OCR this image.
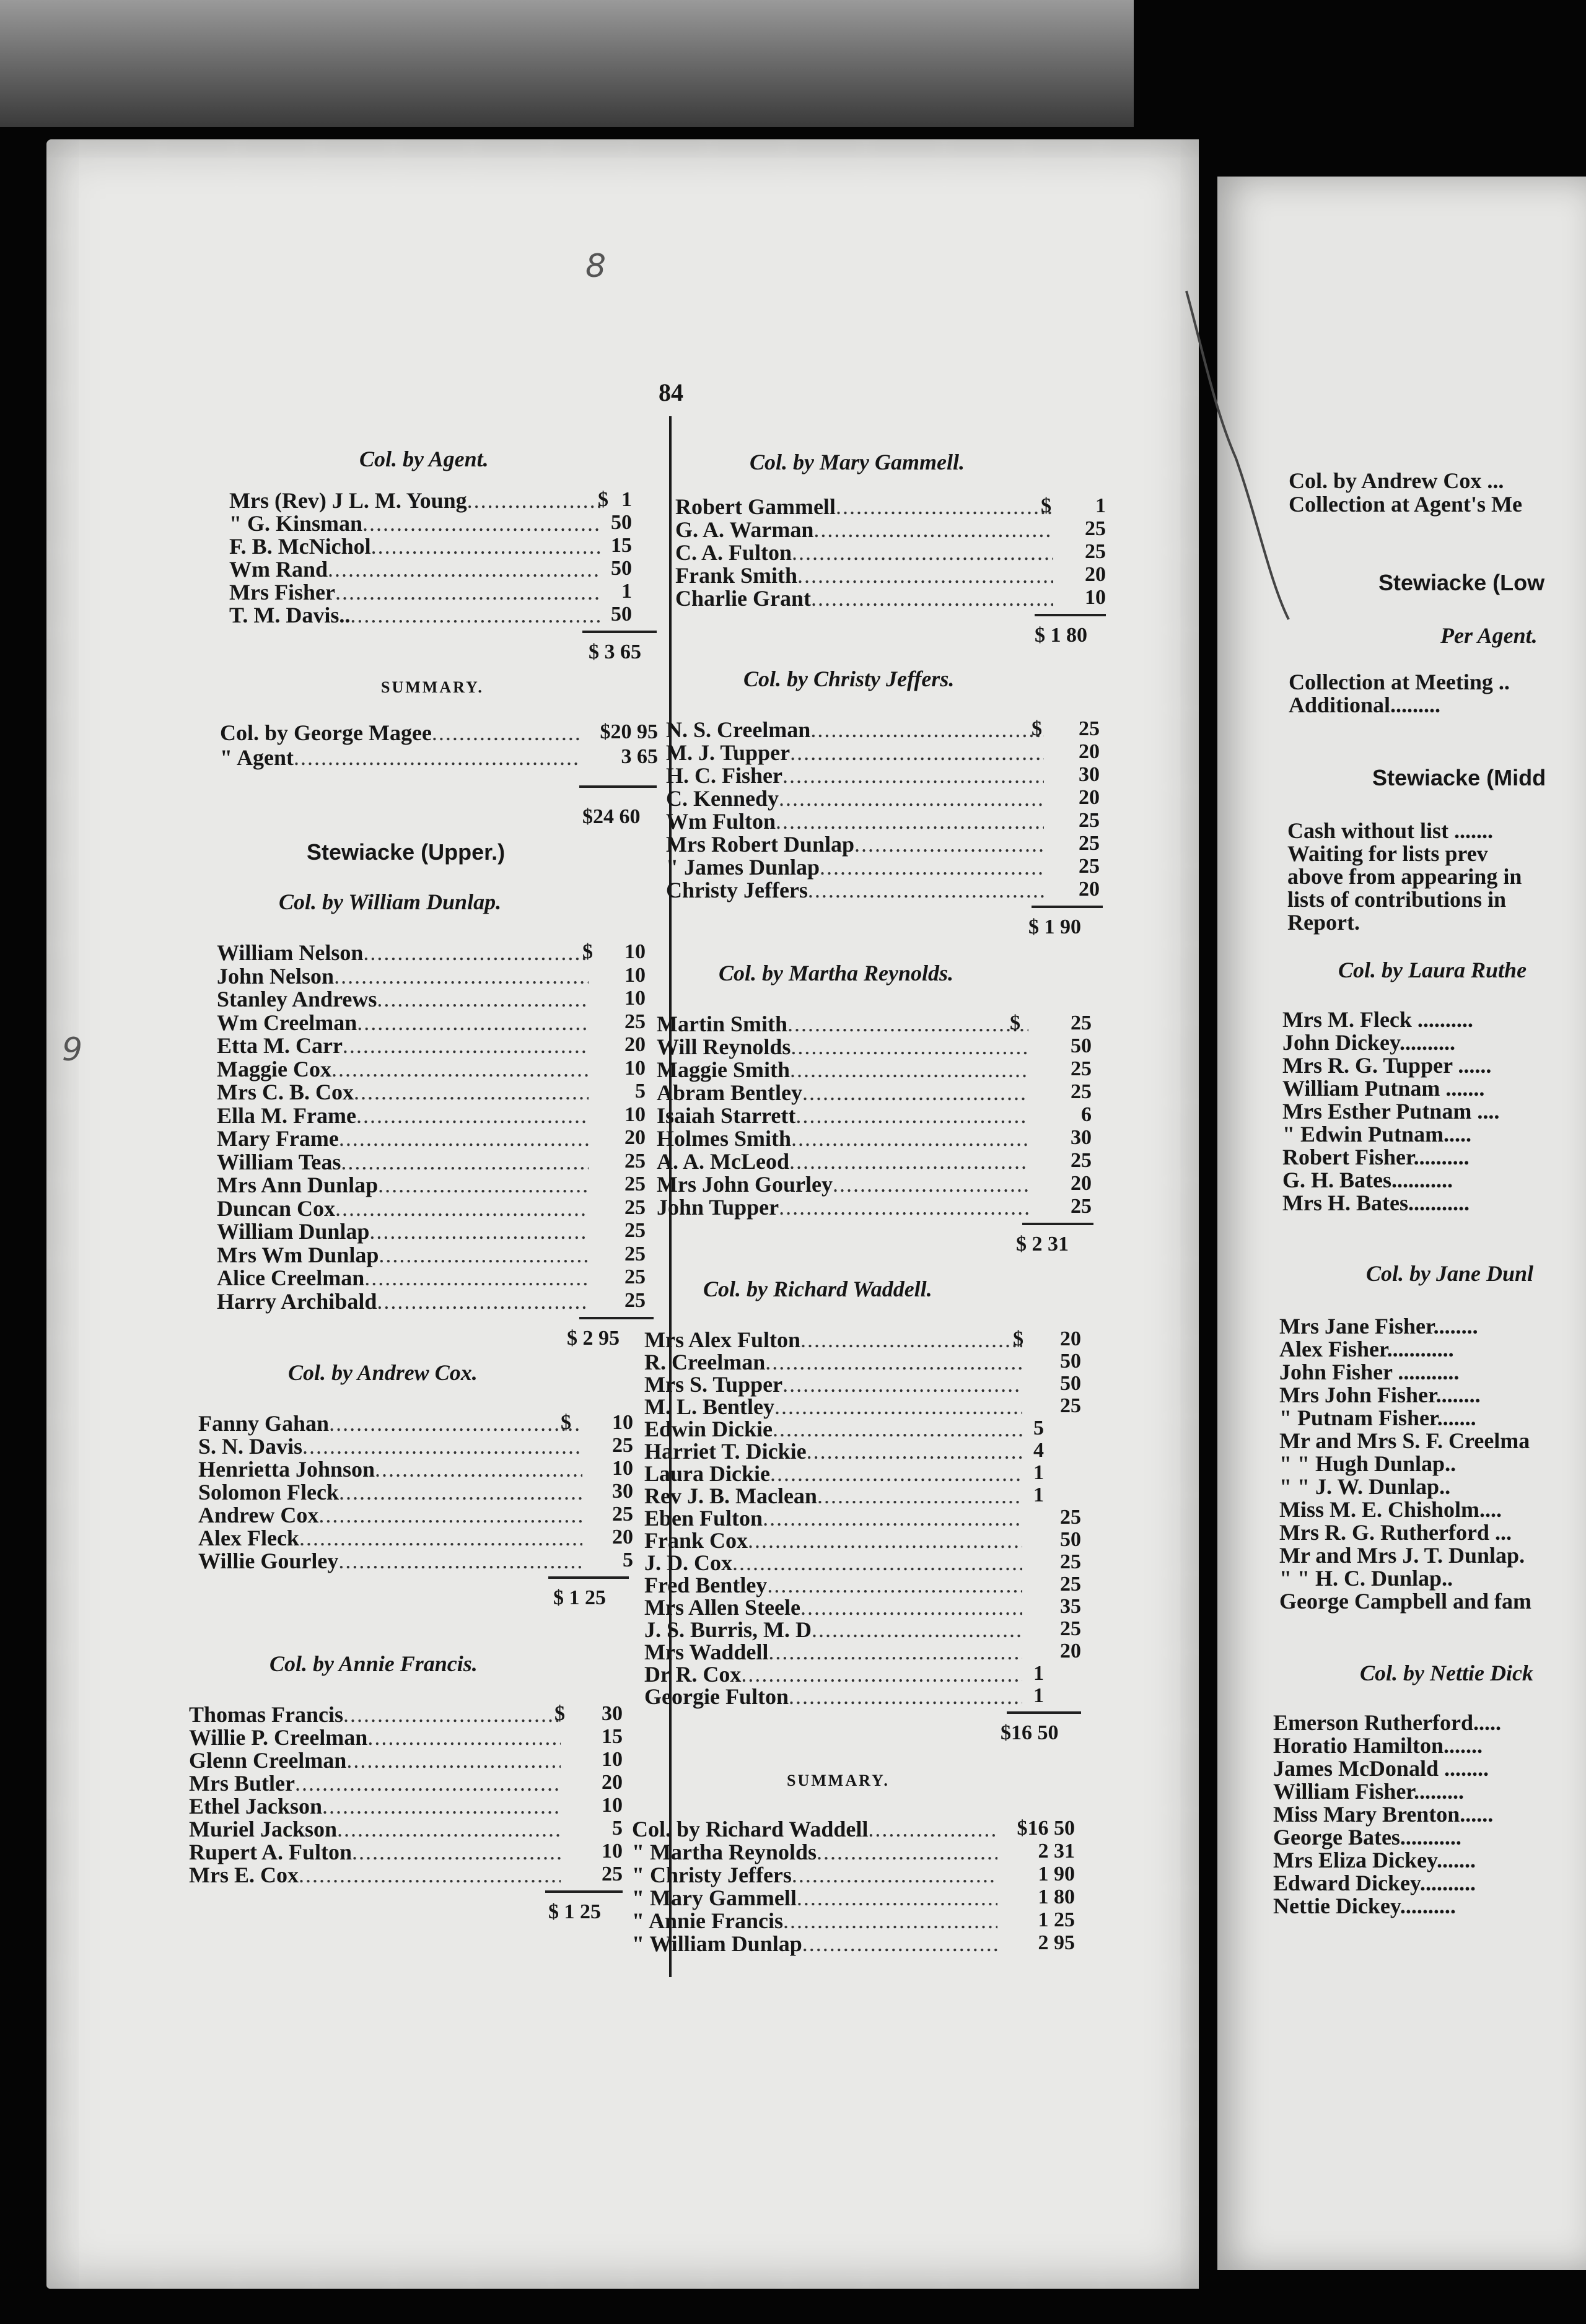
84
8
9
Col. by Agent.
Mrs (Rev) J L. M. Young .....	$ 1
" G. Kinsman .....	50
F. B. McNichol .....	15
Wm Rand .....	50
Mrs Fisher .....	1
T. M. Davis.. .....	50
$ 3 65
SUMMARY.
Col. by George Magee .....	$20 95
" Agent .....	3 65
$24 60
Stewiacke (Upper.)
Col. by William Dunlap.
William Nelson .....	$	10
John Nelson .....	10
Stanley Andrews .....	10
Wm Creelman .....	25
Etta M. Carr .....	20
Maggie Cox .....	10
Mrs C. B. Cox .....	5
Ella M. Frame .....	10
Mary Frame .....	20
William Teas .....	25
Mrs Ann Dunlap .....	25
Duncan Cox .....	25
William Dunlap .....	25
Mrs Wm Dunlap .....	25
Alice Creelman .....	25
Harry Archibald .....	25
$ 2 95
Col. by Andrew Cox.
Fanny Gahan .....	$	10
S. N. Davis .....	25
Henrietta Johnson .....	10
Solomon Fleck .....	30
Andrew Cox .....	25
Alex Fleck .....	20
Willie Gourley .....	5
$ 1 25
Col. by Annie Francis.
Thomas Francis .....	$	30
Willie P. Creelman .....	15
Glenn Creelman .....	10
Mrs Butler .....	20
Ethel Jackson .....	10
Muriel Jackson .....	5
Rupert A. Fulton .....	10
Mrs E. Cox .....	25
$ 1 25
Col. by Mary Gammell.
Robert Gammell .....	$	1
G. A. Warman .....	25
C. A. Fulton .....	25
Frank Smith .....	20
Charlie Grant .....	10
$ 1 80
Col. by Christy Jeffers.
N. S. Creelman .....	$	25
M. J. Tupper .....	20
H. C. Fisher .....	30
C. Kennedy .....	20
Wm Fulton .....	25
Mrs Robert Dunlap .....	25
" James Dunlap .....	25
Christy Jeffers .....	20
$ 1 90
Col. by Martha Reynolds.
Martin Smith .....	$	25
Will Reynolds .....	50
Maggie Smith .....	25
Abram Bentley .....	25
Isaiah Starrett .....	6
Holmes Smith .....	30
A. A. McLeod .....	25
Mrs John Gourley .....	20
John Tupper .....	25
$ 2 31
Col. by Richard Waddell.
Mrs Alex Fulton .....	$	20
R. Creelman .....	50
Mrs S. Tupper .....	50
M. L. Bentley .....	25
Edwin Dickie .....	5
Harriet T. Dickie .....	4
Laura Dickie .....	1
Rev J. B. Maclean .....	1
Eben Fulton .....	25
Frank Cox .....	50
J. D. Cox .....	25
Fred Bentley .....	25
Mrs Allen Steele .....	35
J. S. Burris, M. D .....	25
Mrs Waddell .....	20
Dr R. Cox .....	1
Georgie Fulton .....	1
$16 50
SUMMARY.
Col. by Richard Waddell .....	$16 50
" Martha Reynolds .....	2 31
" Christy Jeffers .....	1 90
" Mary Gammell .....	1 80
" Annie Francis .....	1 25
" William Dunlap .....	2 95
Col. by Andrew Cox ...
Collection at Agent's Me
Stewiacke (Low
Per Agent.
Collection at Meeting ..
Additional.........
Stewiacke (Midd
Cash without list .......
Waiting for lists prev
above from appearing in
lists of contributions in
Report.
Col. by Laura Ruthe
Mrs M. Fleck ..........
John Dickey..........
Mrs R. G. Tupper ......
William Putnam .......
Mrs Esther Putnam ....
" Edwin Putnam.....
Robert Fisher..........
G. H. Bates...........
Mrs H. Bates...........
Col. by Jane Dunl
Mrs Jane Fisher........
Alex Fisher............
John Fisher ...........
Mrs John Fisher........
" Putnam Fisher.......
Mr and Mrs S. F. Creelma
" " Hugh Dunlap..
" " J. W. Dunlap..
Miss M. E. Chisholm....
Mrs R. G. Rutherford ...
Mr and Mrs J. T. Dunlap.
" " H. C. Dunlap..
George Campbell and fam
Col. by Nettie Dick
Emerson Rutherford.....
Horatio Hamilton.......
James McDonald ........
William Fisher.........
Miss Mary Brenton......
George Bates...........
Mrs Eliza Dickey.......
Edward Dickey..........
Nettie Dickey..........
